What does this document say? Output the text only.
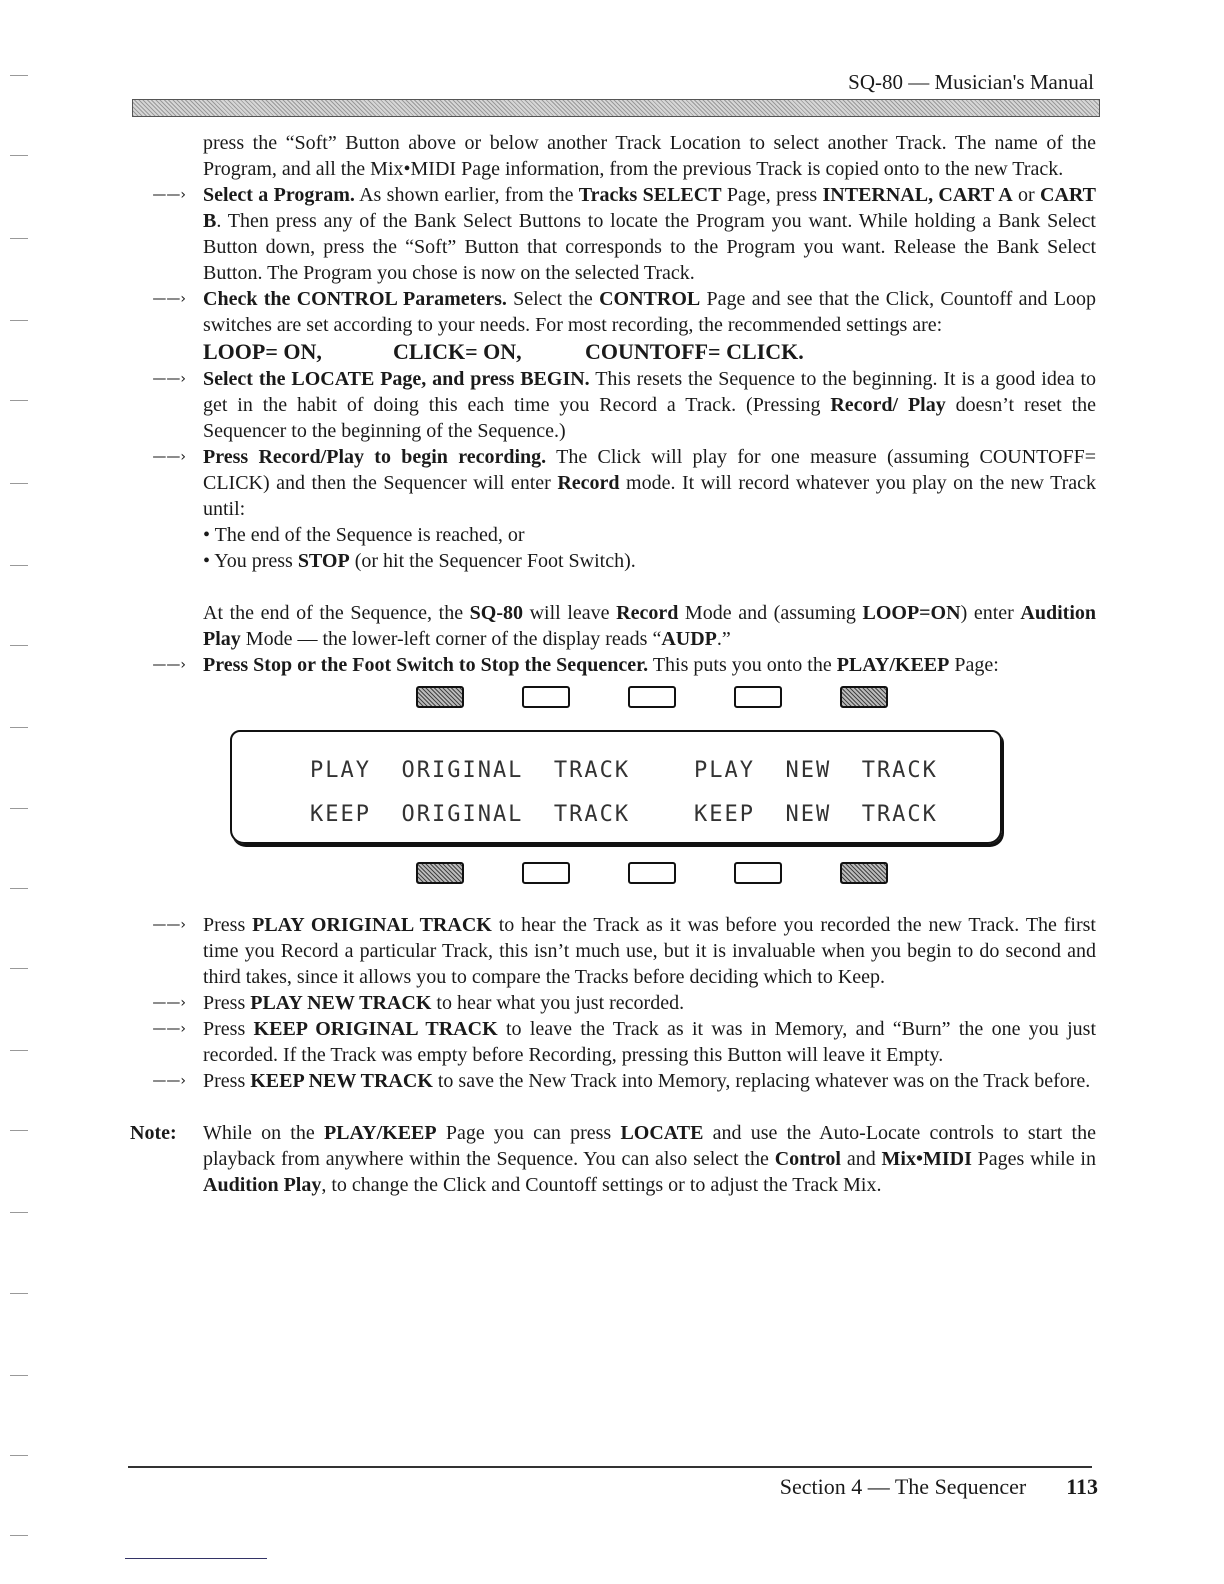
SQ-80 — Musician's Manual
press the “Soft” Button above or below another Track Location to select another Track. The name of the Program, and all the Mix•MIDI Page information, from the previous Track is copied onto to the new Track.
——› Select a Program. As shown earlier, from the Tracks SELECT Page, press INTERNAL, CART A or CART B. Then press any of the Bank Select Buttons to locate the Program you want. While holding a Bank Select Button down, press the “Soft” Button that corresponds to the Program you want. Release the Bank Select Button. The Program you chose is now on the selected Track.
——› Check the CONTROL Parameters. Select the CONTROL Page and see that the Click, Countoff and Loop switches are set according to your needs. For most recording, the recommended settings are:
LOOP= ON,	CLICK= ON,	COUNTOFF= CLICK.
——› Select the LOCATE Page, and press BEGIN. This resets the Sequence to the beginning. It is a good idea to get in the habit of doing this each time you Record a Track. (Pressing Record/ Play doesn’t reset the Sequencer to the beginning of the Sequence.)
——› Press Record/Play to begin recording. The Click will play for one measure (assuming COUNTOFF= CLICK) and then the Sequencer will enter Record mode. It will record whatever you play on the new Track until:
• The end of the Sequence is reached, or
• You press STOP (or hit the Sequencer Foot Switch).
At the end of the Sequence, the SQ-80 will leave Record Mode and (assuming LOOP=ON) enter Audition Play Mode — the lower-left corner of the display reads “AUDP.”
——› Press Stop or the Foot Switch to Stop the Sequencer. This puts you onto the PLAY/KEEP Page:
PLAY  ORIGINAL  TRACK	PLAY  NEW  TRACK
KEEP  ORIGINAL  TRACK	KEEP  NEW  TRACK
——› Press PLAY ORIGINAL TRACK to hear the Track as it was before you recorded the new Track. The first time you Record a particular Track, this isn’t much use, but it is invaluable when you begin to do second and third takes, since it allows you to compare the Tracks before deciding which to Keep.
——› Press PLAY NEW TRACK to hear what you just recorded.
——› Press KEEP ORIGINAL TRACK to leave the Track as it was in Memory, and “Burn” the one you just recorded. If the Track was empty before Recording, pressing this Button will leave it Empty.
——› Press KEEP NEW TRACK to save the New Track into Memory, replacing whatever was on the Track before.
Note: While on the PLAY/KEEP Page you can press LOCATE and use the Auto-Locate controls to start the playback from anywhere within the Sequence. You can also select the Control and Mix•MIDI Pages while in Audition Play, to change the Click and Countoff settings or to adjust the Track Mix.
Section 4 — The Sequencer 113
